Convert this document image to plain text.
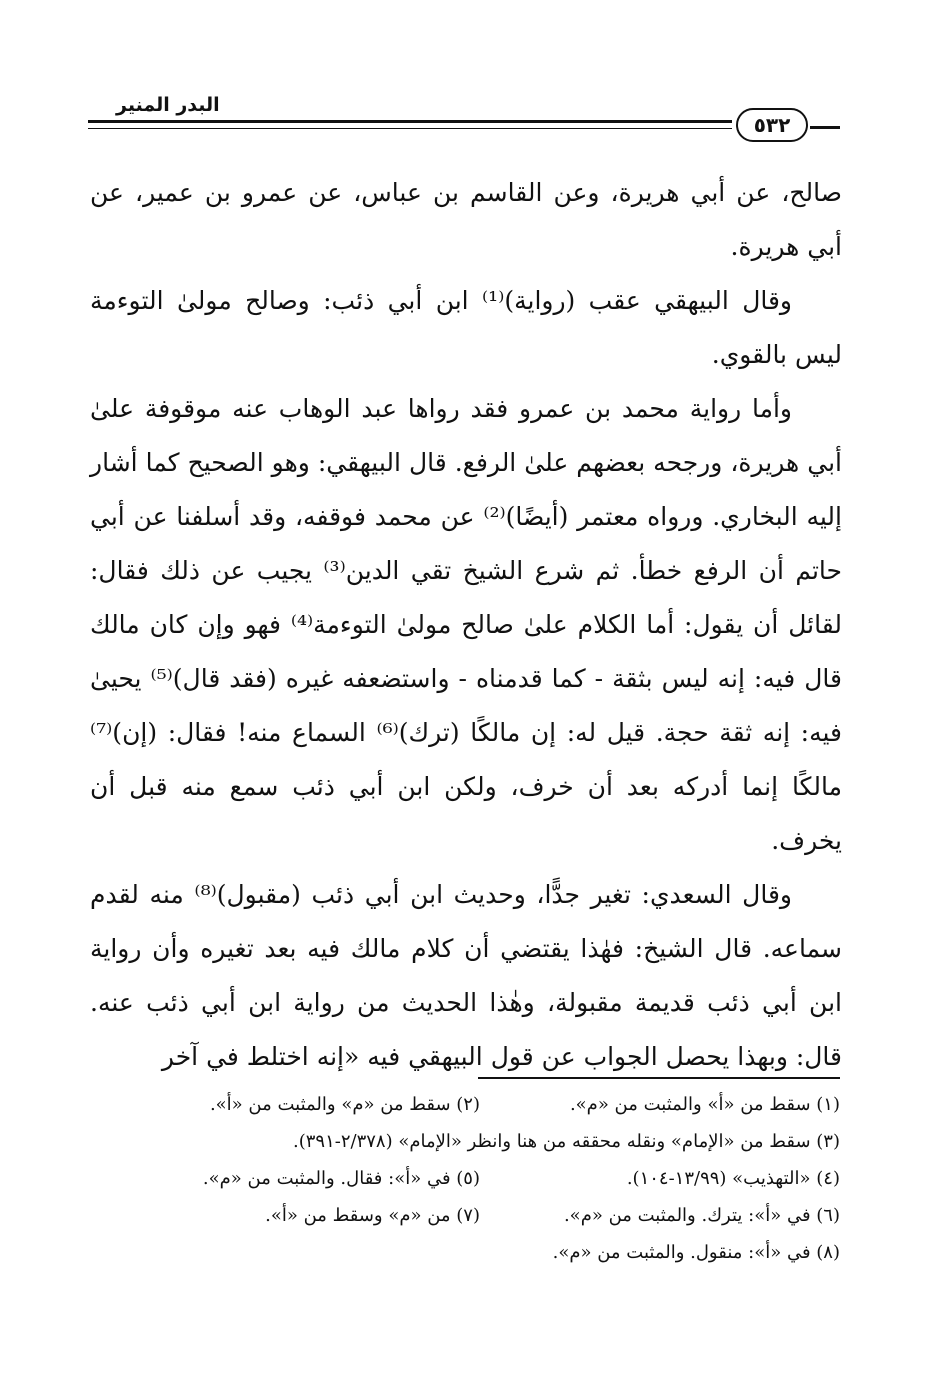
البدر المنير
٥٣٢

صالح، عن أبي هريرة، وعن القاسم بن عباس، عن عمرو بن عمير، عن أبي هريرة.

وقال البيهقي عقب (رواية)⁽¹⁾ ابن أبي ذئب: وصالح مولىٰ التوءمة ليس بالقوي.

وأما رواية محمد بن عمرو فقد رواها عبد الوهاب عنه موقوفة علىٰ أبي هريرة، ورجحه بعضهم علىٰ الرفع. قال البيهقي: وهو الصحيح كما أشار إليه البخاري. ورواه معتمر (أيضًا)⁽²⁾ عن محمد فوقفه، وقد أسلفنا عن أبي حاتم أن الرفع خطأ. ثم شرع الشيخ تقي الدين⁽³⁾ يجيب عن ذلك فقال: لقائل أن يقول: أما الكلام علىٰ صالح مولىٰ التوءمة⁽⁴⁾ فهو وإن كان مالك قال فيه: إنه ليس بثقة - كما قدمناه - واستضعفه غيره (فقد قال)⁽⁵⁾ يحيىٰ فيه: إنه ثقة حجة. قيل له: إن مالكًا (ترك)⁽⁶⁾ السماع منه! فقال: (إن)⁽⁷⁾ مالكًا إنما أدركه بعد أن خرف، ولكن ابن أبي ذئب سمع منه قبل أن يخرف.

وقال السعدي: تغير جدًّا، وحديث ابن أبي ذئب (مقبول)⁽⁸⁾ منه لقدم سماعه. قال الشيخ: فهٰذا يقتضي أن كلام مالك فيه بعد تغيره وأن رواية ابن أبي ذئب قديمة مقبولة، وهٰذا الحديث من رواية ابن أبي ذئب عنه. قال: وبهذا يحصل الجواب عن قول البيهقي فيه «إنه اختلط في آخر

(١) سقط من «أ» والمثبت من «م».
(٢) سقط من «م» والمثبت من «أ».
(٣) سقط من «الإمام» ونقله محققه من هنا وانظر «الإمام» (٢/٣٧٨-٣٩١).
(٤) «التهذيب» (١٣/٩٩-١٠٤).
(٥) في «أ»: فقال. والمثبت من «م».
(٦) في «أ»: يترك. والمثبت من «م».
(٧) من «م» وسقط من «أ».
(٨) في «أ»: منقول. والمثبت من «م».
